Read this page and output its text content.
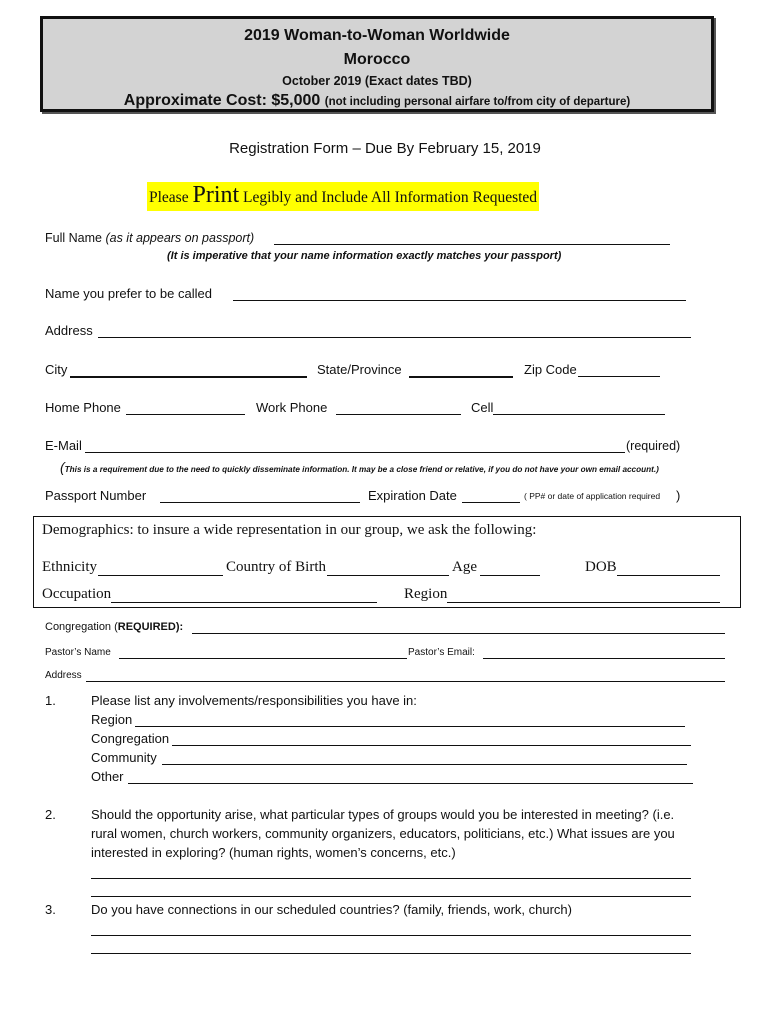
2019 Woman-to-Woman Worldwide
Morocco
October 2019 (Exact dates TBD)
Approximate Cost: $5,000 (not including personal airfare to/from city of departure)
Registration Form – Due By February 15, 2019
Please Print Legibly and Include All Information Requested
Full Name (as it appears on passport)
(It is imperative that your name information exactly matches your passport)
Name you prefer to be called
Address
City	State/Province	Zip Code
Home Phone	Work Phone	Cell
E-Mail	(required)
(This is a requirement due to the need to quickly disseminate information. It may be a close friend or relative, if you do not have your own email account.)
Passport Number	Expiration Date	( PP# or date of application required )
Demographics: to insure a wide representation in our group, we ask the following:
Ethnicity	Country of Birth	Age	DOB
Occupation	Region
Congregation (REQUIRED):
Pastor’s Name	Pastor’s Email:
Address
1.	Please list any involvements/responsibilities you have in:
Region
Congregation
Community
Other
2.	Should the opportunity arise, what particular types of groups would you be interested in meeting? (i.e.
rural women, church workers, community organizers, educators, politicians, etc.) What issues are you
interested in exploring? (human rights, women’s concerns, etc.)
3.	Do you have connections in our scheduled countries? (family, friends, work, church)
